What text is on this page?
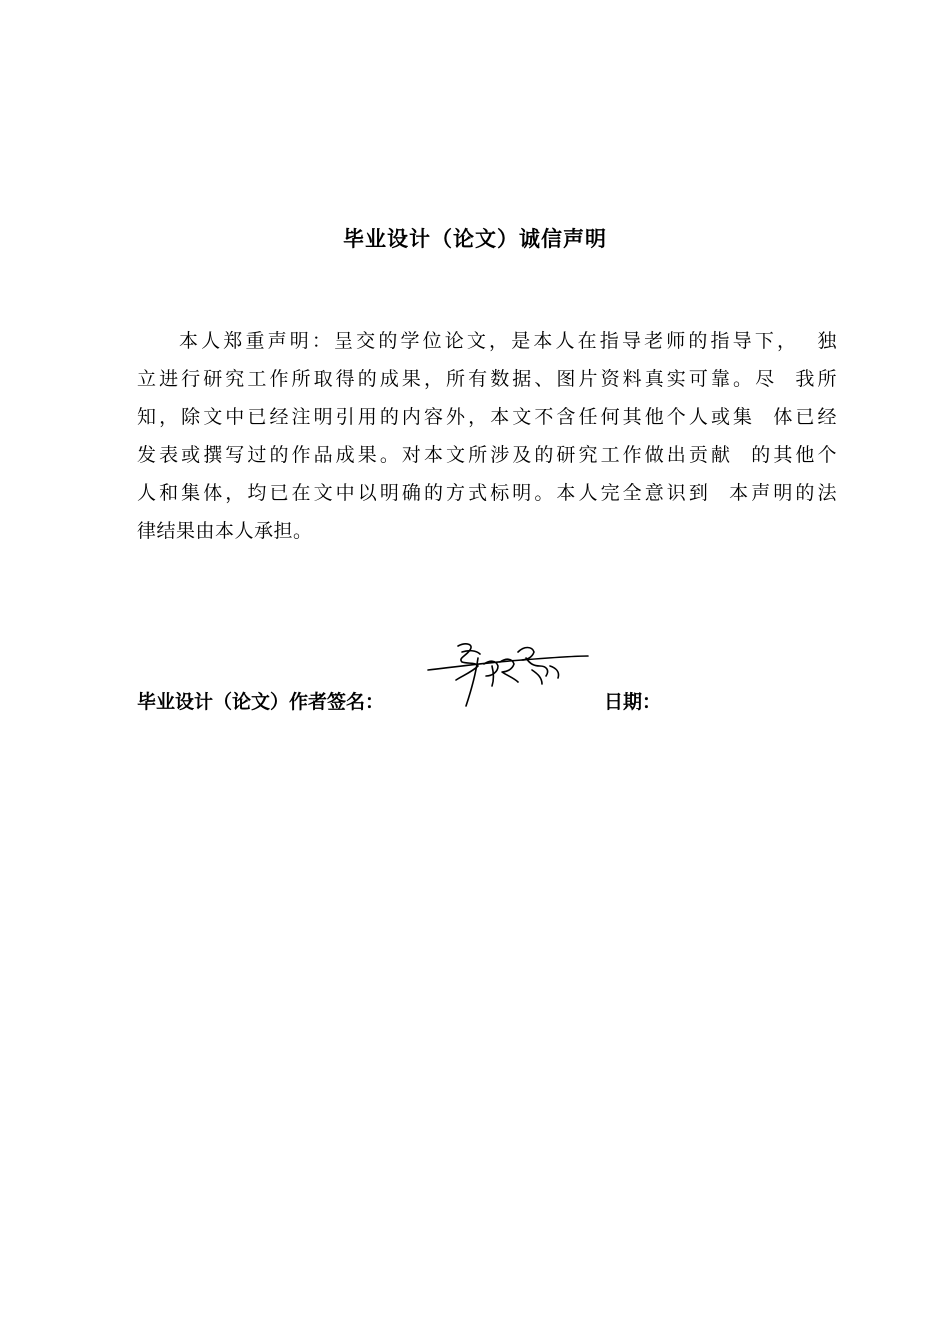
毕业设计（论文）诚信声明
本人郑重声明：呈交的学位论文，是本人在指导老师的指导下，  独
立进行研究工作所取得的成果，所有数据、图片资料真实可靠。尽  我所
知，除文中已经注明引用的内容外，本文不含任何其他个人或集  体已经
发表或撰写过的作品成果。对本文所涉及的研究工作做出贡献  的其他个
人和集体，均已在文中以明确的方式标明。本人完全意识到  本声明的法
律结果由本人承担。
毕业设计（论文）作者签名：	日期：
